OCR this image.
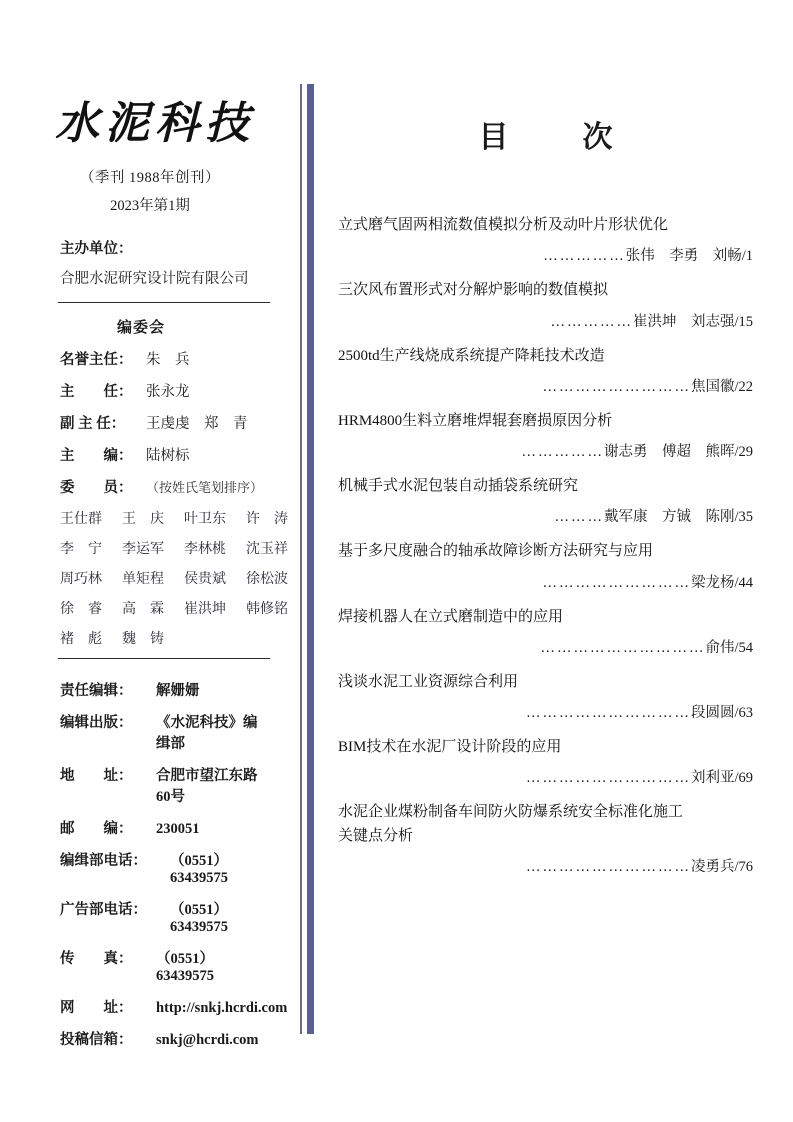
水泥科技
（季刊 1988年创刊）
2023年第1期
主办单位：
合肥水泥研究设计院有限公司
编委会
名誉主任： 朱　兵
主　　任： 张永龙
副 主 任：	王虔虔　郑　青
主　　编： 陆树标
委　　员：	（按姓氏笔划排序）
王仕群	王　庆	叶卫东	许　涛
李　宁	李运军	李林桃	沈玉祥
周巧林	单矩程	侯贵斌	徐松波
徐　睿	高　霖	崔洪坤	韩修铭
褚　彪	魏　铸
责任编辑：	解姗姗
编辑出版：	《水泥科技》编缉部
地　　址：	合肥市望江东路60号
邮　　编：	230051
编缉部电话：	（0551）63439575
广告部电话：	（0551）63439575
传　　真：	（0551）63439575
网　　址：	http://snkj.hcrdi.com
投稿信箱：	snkj@hcrdi.com
目　次
立式磨气固两相流数值模拟分析及动叶片形状优化
……………张伟　李勇　刘畅/1
三次风布置形式对分解炉影响的数值模拟
……………崔洪坤　刘志强/15
2500td生产线烧成系统提产降耗技术改造
………………………焦国徽/22
HRM4800生料立磨堆焊辊套磨损原因分析
……………谢志勇　傅超　熊晖/29
机械手式水泥包装自动插袋系统研究
………戴军康　方铖　陈刚/35
基于多尺度融合的轴承故障诊断方法研究与应用
………………………梁龙杨/44
焊接机器人在立式磨制造中的应用
…………………………俞伟/54
浅谈水泥工业资源综合利用
…………………………段圆圆/63
BIM技术在水泥厂设计阶段的应用
…………………………刘利亚/69
水泥企业煤粉制备车间防火防爆系统安全标准化施工
关键点分析
…………………………凌勇兵/76
